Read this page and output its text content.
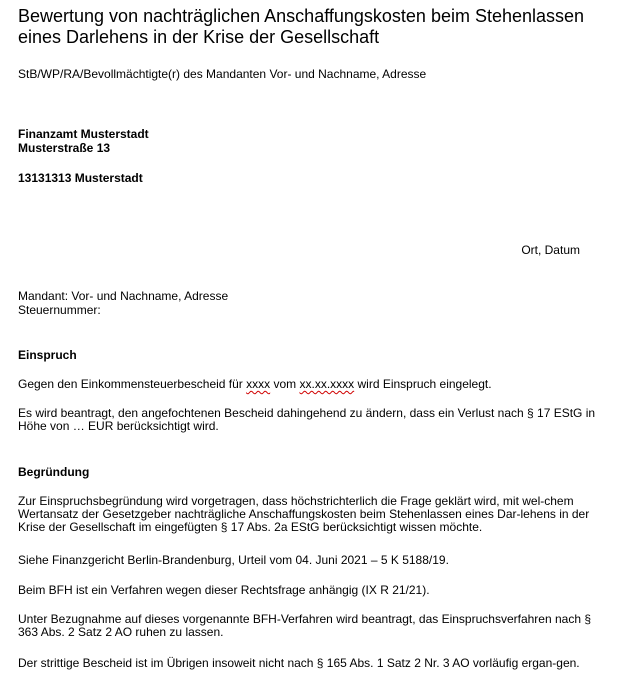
Bewertung von nachträglichen Anschaffungskosten beim Stehenlassen eines Darlehens in der Krise der Gesellschaft

StB/WP/RA/Bevollmächtigte(r) des Mandanten Vor- und Nachname, Adresse

Finanzamt Musterstadt

Musterstraße 13

13131313 Musterstadt

Ort, Datum

Mandant: Vor- und Nachname, Adresse

Steuernummer:

Einspruch

Gegen den Einkommensteuerbescheid für xxxx vom xx.xx.xxxx wird Einspruch eingelegt.

Es wird beantragt, den angefochtenen Bescheid dahingehend zu ändern, dass ein Verlust nach § 17 EStG in Höhe von … EUR berücksichtigt wird.

Begründung

Zur Einspruchsbegründung wird vorgetragen, dass höchstrichterlich die Frage geklärt wird, mit wel-chem Wertansatz der Gesetzgeber nachträgliche Anschaffungskosten beim Stehenlassen eines Dar-lehens in der Krise der Gesellschaft im eingefügten § 17 Abs. 2a EStG berücksichtigt wissen möchte.

Siehe Finanzgericht Berlin-Brandenburg, Urteil vom 04. Juni 2021 – 5 K 5188/19.

Beim BFH ist ein Verfahren wegen dieser Rechtsfrage anhängig (IX R 21/21).

Unter Bezugnahme auf dieses vorgenannte BFH-Verfahren wird beantragt, das Einspruchsverfahren nach § 363 Abs. 2 Satz 2 AO ruhen zu lassen.

Der strittige Bescheid ist im Übrigen insoweit nicht nach § 165 Abs. 1 Satz 2 Nr. 3 AO vorläufig ergan-gen.
